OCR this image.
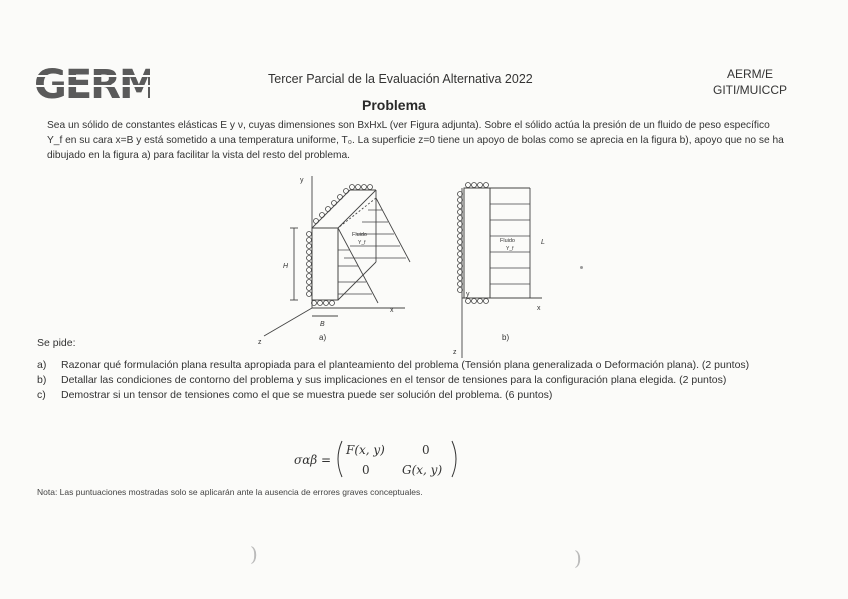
GERM	Tercer Parcial de la Evaluación Alternativa 2022	AERM/E
GITI/MUICCP
Problema
Sea un sólido de constantes elásticas E y ν, cuyas dimensiones son BxHxL (ver Figura adjunta). Sobre el sólido actúa la presión de un fluido de peso específico Y_f en su cara x=B y está sometido a una temperatura uniforme, T₀. La superficie z=0 tiene un apoyo de bolas como se aprecia en la figura b), apoyo que no se ha dibujado en la figura a) para facilitar la vista del resto del problema.
y
x
z
Fluido
Y_f
H
B
a)
z
x
y
Fluido
Y_f
L
b)
Se pide:
a) Razonar qué formulación plana resulta apropiada para el planteamiento del problema (Tensión plana generalizada o Deformación plana). (2 puntos)
b) Detallar las condiciones de contorno del problema y sus implicaciones en el tensor de tensiones para la configuración plana elegida. (2 puntos)
c) Demostrar si un tensor de tensiones como el que se muestra puede ser solución del problema. (6 puntos)
σαβ =
F(x, y)	0
0	G(x, y)
Nota: Las puntuaciones mostradas solo se aplicarán ante la ausencia de errores graves conceptuales.
)	)
